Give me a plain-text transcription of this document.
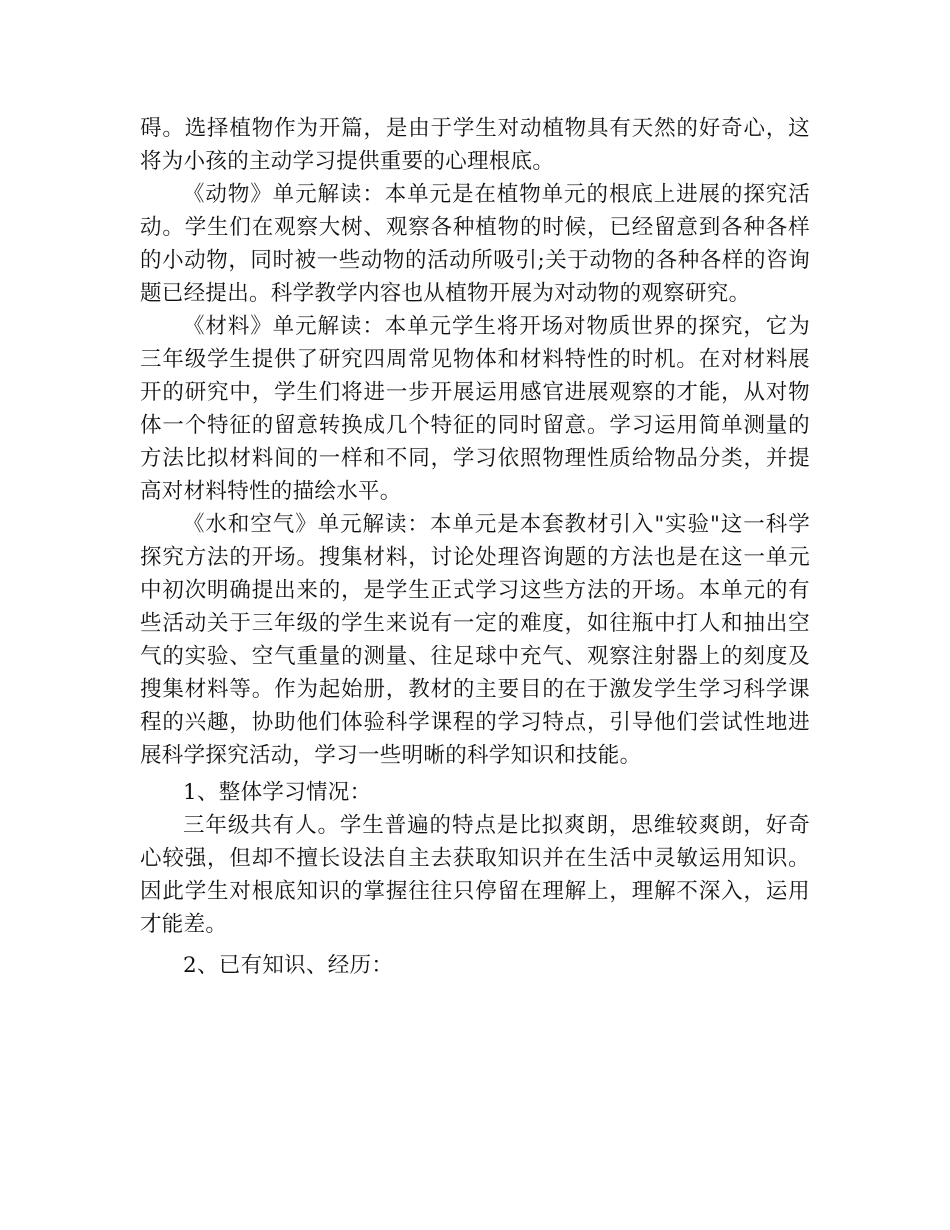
碍。选择植物作为开篇，是由于学生对动植物具有天然的好奇心，这将为小孩的主动学习提供重要的心理根底。

《动物》单元解读：本单元是在植物单元的根底上进展的探究活动。学生们在观察大树、观察各种植物的时候，已经留意到各种各样的小动物，同时被一些动物的活动所吸引;关于动物的各种各样的咨询题已经提出。科学教学内容也从植物开展为对动物的观察研究。

《材料》单元解读：本单元学生将开场对物质世界的探究，它为三年级学生提供了研究四周常见物体和材料特性的时机。在对材料展开的研究中，学生们将进一步开展运用感官进展观察的才能，从对物体一个特征的留意转换成几个特征的同时留意。学习运用简单测量的方法比拟材料间的一样和不同，学习依照物理性质给物品分类，并提高对材料特性的描绘水平。

《水和空气》单元解读：本单元是本套教材引入"实验"这一科学探究方法的开场。搜集材料，讨论处理咨询题的方法也是在这一单元中初次明确提出来的，是学生正式学习这些方法的开场。本单元的有些活动关于三年级的学生来说有一定的难度，如往瓶中打人和抽出空气的实验、空气重量的测量、往足球中充气、观察注射器上的刻度及搜集材料等。作为起始册，教材的主要目的在于激发学生学习科学课程的兴趣，协助他们体验科学课程的学习特点，引导他们尝试性地进展科学探究活动，学习一些明晰的科学知识和技能。

1、整体学习情况：

三年级共有人。学生普遍的特点是比拟爽朗，思维较爽朗，好奇心较强，但却不擅长设法自主去获取知识并在生活中灵敏运用知识。因此学生对根底知识的掌握往往只停留在理解上，理解不深入，运用才能差。

2、已有知识、经历：
